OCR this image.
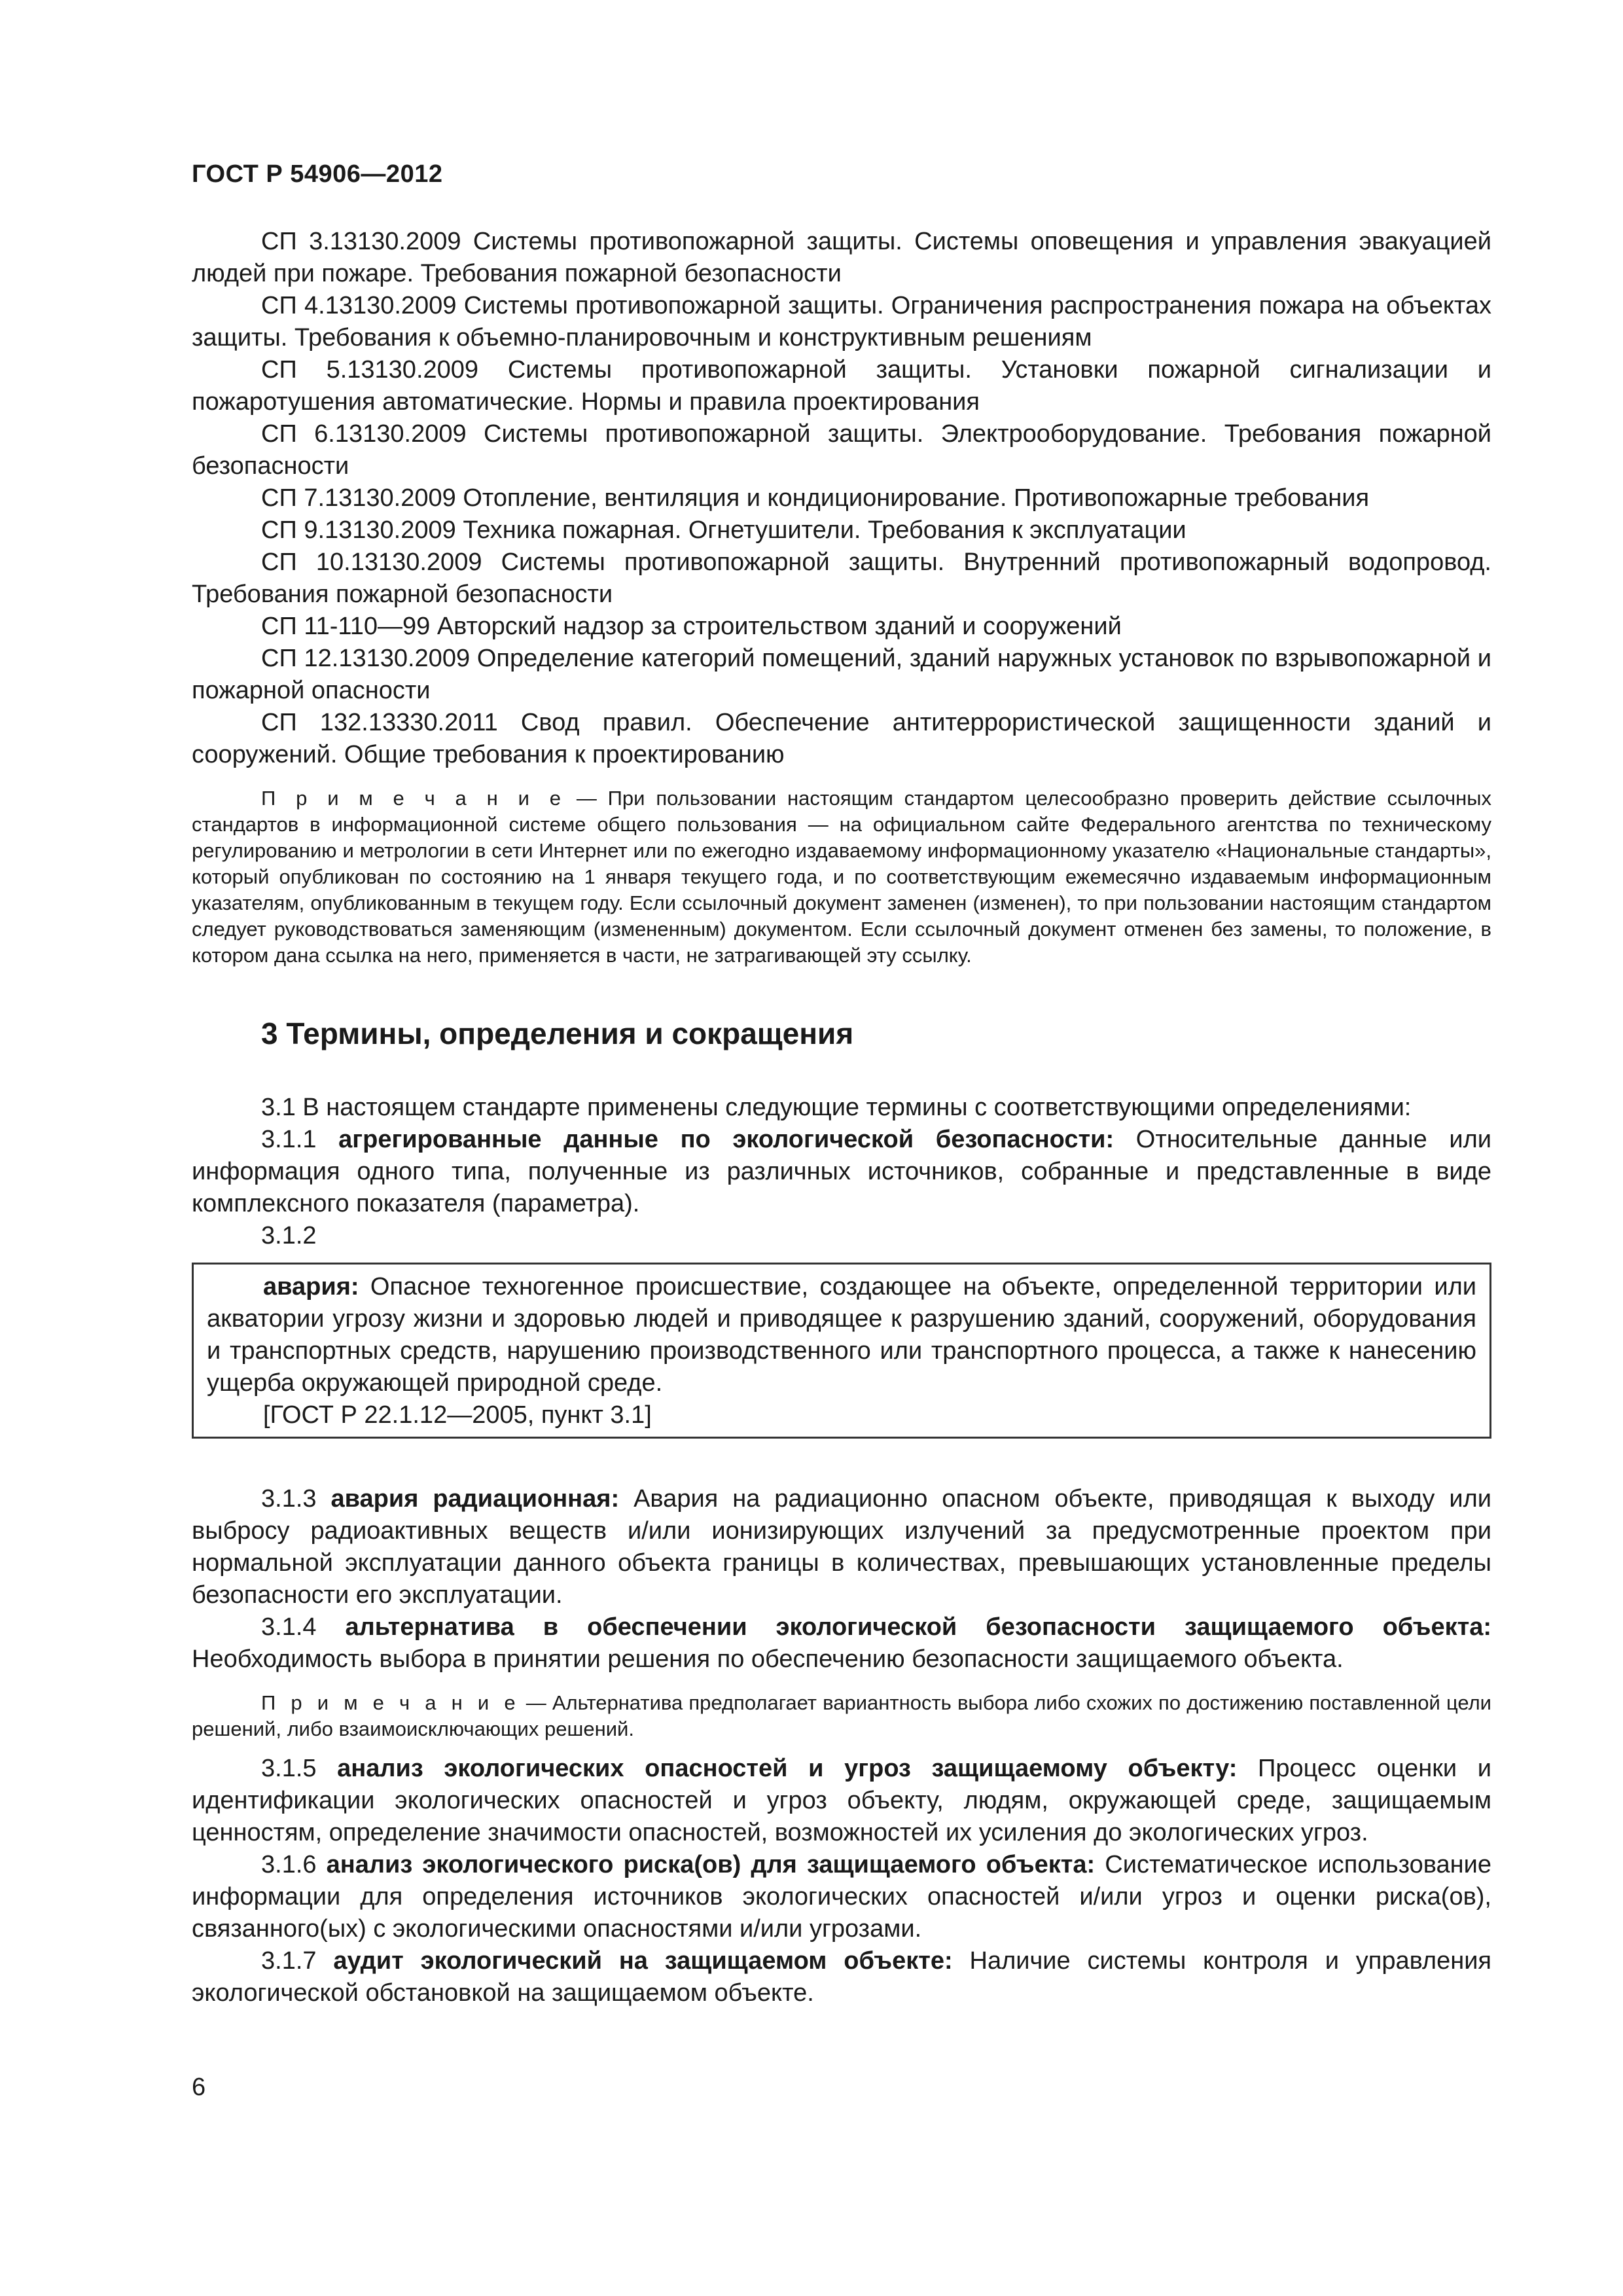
ГОСТ Р 54906—2012

СП 3.13130.2009 Системы противопожарной защиты. Системы оповещения и управления эвакуацией людей при пожаре. Требования пожарной безопасности

СП 4.13130.2009 Системы противопожарной защиты. Ограничения распространения пожара на объектах защиты. Требования к объемно-планировочным и конструктивным решениям

СП 5.13130.2009 Системы противопожарной защиты. Установки пожарной сигнализации и пожаротушения автоматические. Нормы и правила проектирования

СП 6.13130.2009 Системы противопожарной защиты. Электрооборудование. Требования пожарной безопасности

СП 7.13130.2009 Отопление, вентиляция и кондиционирование. Противопожарные требования

СП 9.13130.2009 Техника пожарная. Огнетушители. Требования к эксплуатации

СП 10.13130.2009 Системы противопожарной защиты. Внутренний противопожарный водопровод. Требования пожарной безопасности

СП 11-110—99 Авторский надзор за строительством зданий и сооружений

СП 12.13130.2009 Определение категорий помещений, зданий наружных установок по взрывопожарной и пожарной опасности

СП 132.13330.2011 Свод правил. Обеспечение антитеррористической защищенности зданий и сооружений. Общие требования к проектированию

П р и м е ч а н и е — При пользовании настоящим стандартом целесообразно проверить действие ссылочных стандартов в информационной системе общего пользования — на официальном сайте Федерального агентства по техническому регулированию и метрологии в сети Интернет или по ежегодно издаваемому информационному указателю «Национальные стандарты», который опубликован по состоянию на 1 января текущего года, и по соответствующим ежемесячно издаваемым информационным указателям, опубликованным в текущем году. Если ссылочный документ заменен (изменен), то при пользовании настоящим стандартом следует руководствоваться заменяющим (измененным) документом. Если ссылочный документ отменен без замены, то положение, в котором дана ссылка на него, применяется в части, не затрагивающей эту ссылку.

3 Термины, определения и сокращения

3.1 В настоящем стандарте применены следующие термины с соответствующими определениями:

3.1.1 агрегированные данные по экологической безопасности: Относительные данные или информация одного типа, полученные из различных источников, собранные и представленные в виде комплексного показателя (параметра).

3.1.2

авария: Опасное техногенное происшествие, создающее на объекте, определенной территории или акватории угрозу жизни и здоровью людей и приводящее к разрушению зданий, сооружений, оборудования и транспортных средств, нарушению производственного или транспортного процесса, а также к нанесению ущерба окружающей природной среде.

[ГОСТ Р 22.1.12—2005, пункт 3.1]

3.1.3 авария радиационная: Авария на радиационно опасном объекте, приводящая к выходу или выбросу радиоактивных веществ и/или ионизирующих излучений за предусмотренные проектом при нормальной эксплуатации данного объекта границы в количествах, превышающих установленные пределы безопасности его эксплуатации.

3.1.4 альтернатива в обеспечении экологической безопасности защищаемого объекта: Необходимость выбора в принятии решения по обеспечению безопасности защищаемого объекта.

П р и м е ч а н и е — Альтернатива предполагает вариантность выбора либо схожих по достижению поставленной цели решений, либо взаимоисключающих решений.

3.1.5 анализ экологических опасностей и угроз защищаемому объекту: Процесс оценки и идентификации экологических опасностей и угроз объекту, людям, окружающей среде, защищаемым ценностям, определение значимости опасностей, возможностей их усиления до экологических угроз.

3.1.6 анализ экологического риска(ов) для защищаемого объекта: Систематическое использование информации для определения источников экологических опасностей и/или угроз и оценки риска(ов), связанного(ых) с экологическими опасностями и/или угрозами.

3.1.7 аудит экологический на защищаемом объекте: Наличие системы контроля и управления экологической обстановкой на защищаемом объекте.

6
